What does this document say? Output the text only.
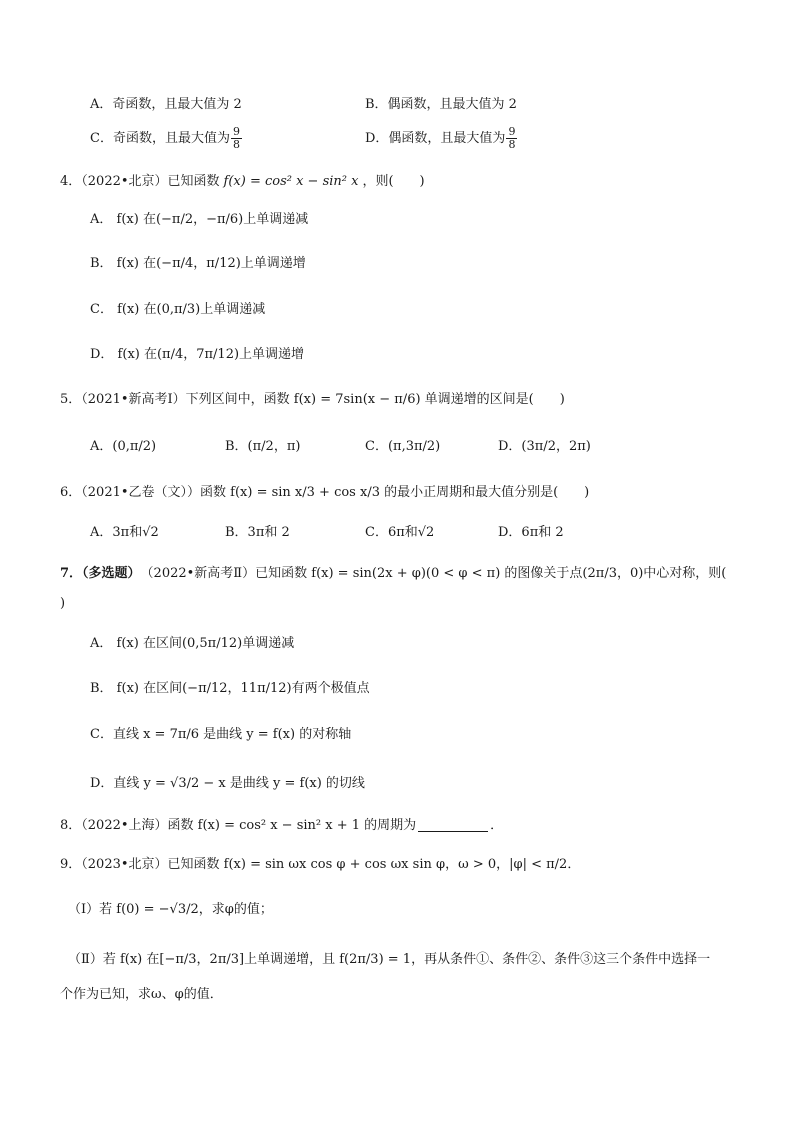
A．奇函数，且最大值为 2	B．偶函数，且最大值为 2
C．奇函数，且最大值为 $\frac{9}{8}$	D．偶函数，且最大值为 $\frac{9}{8}$
4．（2022•北京）已知函数 f(x) = cos² x − sin² x ，则(　　)
A． f(x) 在(−π/2，−π/6)上单调递减
B． f(x) 在(−π/4，π/12)上单调递增
C． f(x) 在(0,π/3)上单调递减
D． f(x) 在(π/4，7π/12)上单调递增
5．（2021•新高考Ⅰ）下列区间中，函数 f(x) = 7sin(x − π/6) 单调递增的区间是(　　)
A．(0,π/2)	B．(π/2，π)	C．(π,3π/2)	D．(3π/2，2π)
6．（2021•乙卷（文））函数 f(x) = sin x/3 + cos x/3 的最小正周期和最大值分别是(　　)
A．3π和√2	B．3π和 2	C．6π和√2	D．6π和 2
7．（多选题） （2022•新高考Ⅱ）已知函数 f(x) = sin(2x + φ)(0 < φ < π) 的图像关于点(2π/3，0)中心对称，则(
)
A． f(x) 在区间(0,5π/12)单调递减
B． f(x) 在区间(−π/12，11π/12)有两个极值点
C．直线 x = 7π/6 是曲线 y = f(x) 的对称轴
D．直线 y = √3/2 − x 是曲线 y = f(x) 的切线
8．（2022•上海）函数 f(x) = cos² x − sin² x + 1 的周期为	．
9．（2023•北京）已知函数 f(x) = sin ωx cos φ + cos ωx sin φ，ω > 0，|φ| < π/2．
（Ⅰ）若 f(0) = −√3/2，求φ的值；
（Ⅱ）若 f(x) 在[−π/3，2π/3]上单调递增，且 f(2π/3) = 1，再从条件①、条件②、条件③这三个条件中选择一
个作为已知，求ω、φ的值．
